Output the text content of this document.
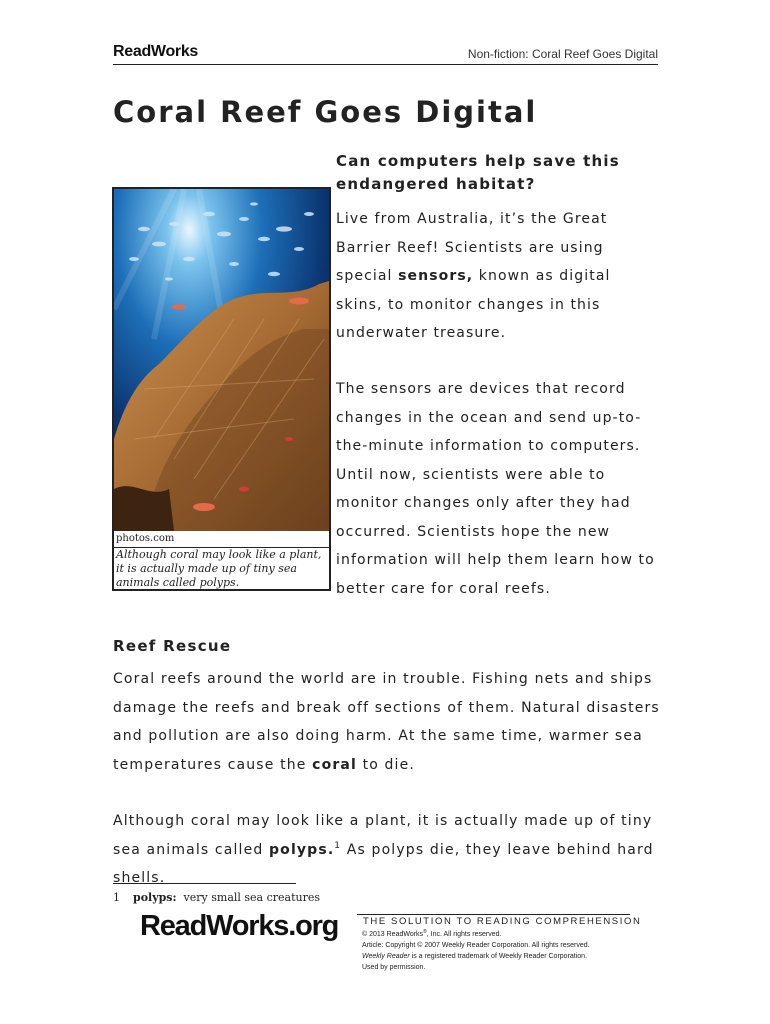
ReadWorks	Non-fiction: Coral Reef Goes Digital
Coral Reef Goes Digital

Can computers help save this endangered habitat?

photos.com
Although coral may look like a plant, it is actually made up of tiny sea animals called polyps.

Live from Australia, it’s the Great Barrier Reef! Scientists are using special sensors, known as digital skins, to monitor changes in this underwater treasure.

The sensors are devices that record changes in the ocean and send up-to-the-minute information to computers. Until now, scientists were able to monitor changes only after they had occurred. Scientists hope the new information will help them learn how to better care for coral reefs.

Reef Rescue

Coral reefs around the world are in trouble. Fishing nets and ships damage the reefs and break off sections of them. Natural disasters and pollution are also doing harm. At the same time, warmer sea temperatures cause the coral to die.

Although coral may look like a plant, it is actually made up of tiny sea animals called polyps.$^1$ As polyps die, they leave behind hard shells.

1 polyps: very small sea creatures
ReadWorks.org	THE SOLUTION TO READING COMPREHENSION
© 2013 ReadWorks®, Inc. All rights reserved.
Article: Copyright © 2007 Weekly Reader Corporation. All rights reserved.
Weekly Reader is a registered trademark of Weekly Reader Corporation.
Used by permission.
